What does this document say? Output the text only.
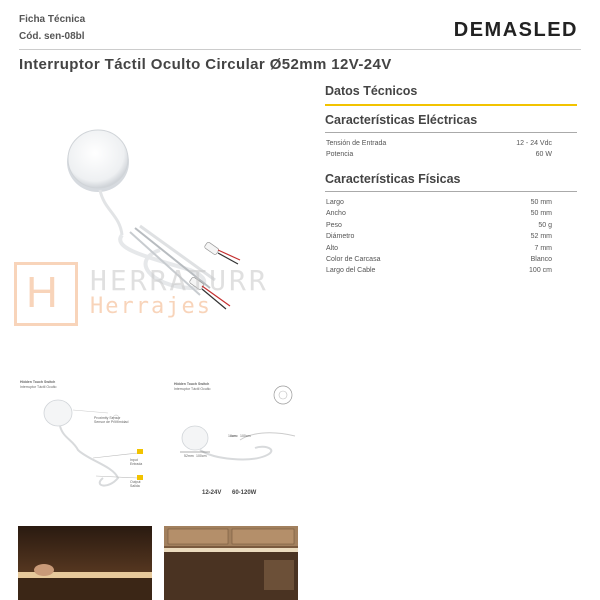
Ficha Técnica
Cód. sen-08bl	DEMASLED
Interruptor Táctil Oculto Circular Ø52mm 12V-24V
Datos Técnicos
Características Eléctricas
Tensión de Entrada	12 - 24 Vdc
Potencia	60 W
Características Físicas
Largo	50 mm
Ancho	50 mm
Peso	50 g
Diámetro	52 mm
Alto	7 mm
Color de Carcasa	Blanco
Largo del Cable	100 cm
H HERRATURR
Herrajes
Hidden Touch Switch
Interruptor Táctil Oculto
Proximity Sensor
Sensor de Proximidad
Input
Entrada
Output
Salida
Hidden Touch Switch
Interruptor Táctil Oculto
10cm 100cm
52mm 100cm
12-24V 60-120W
